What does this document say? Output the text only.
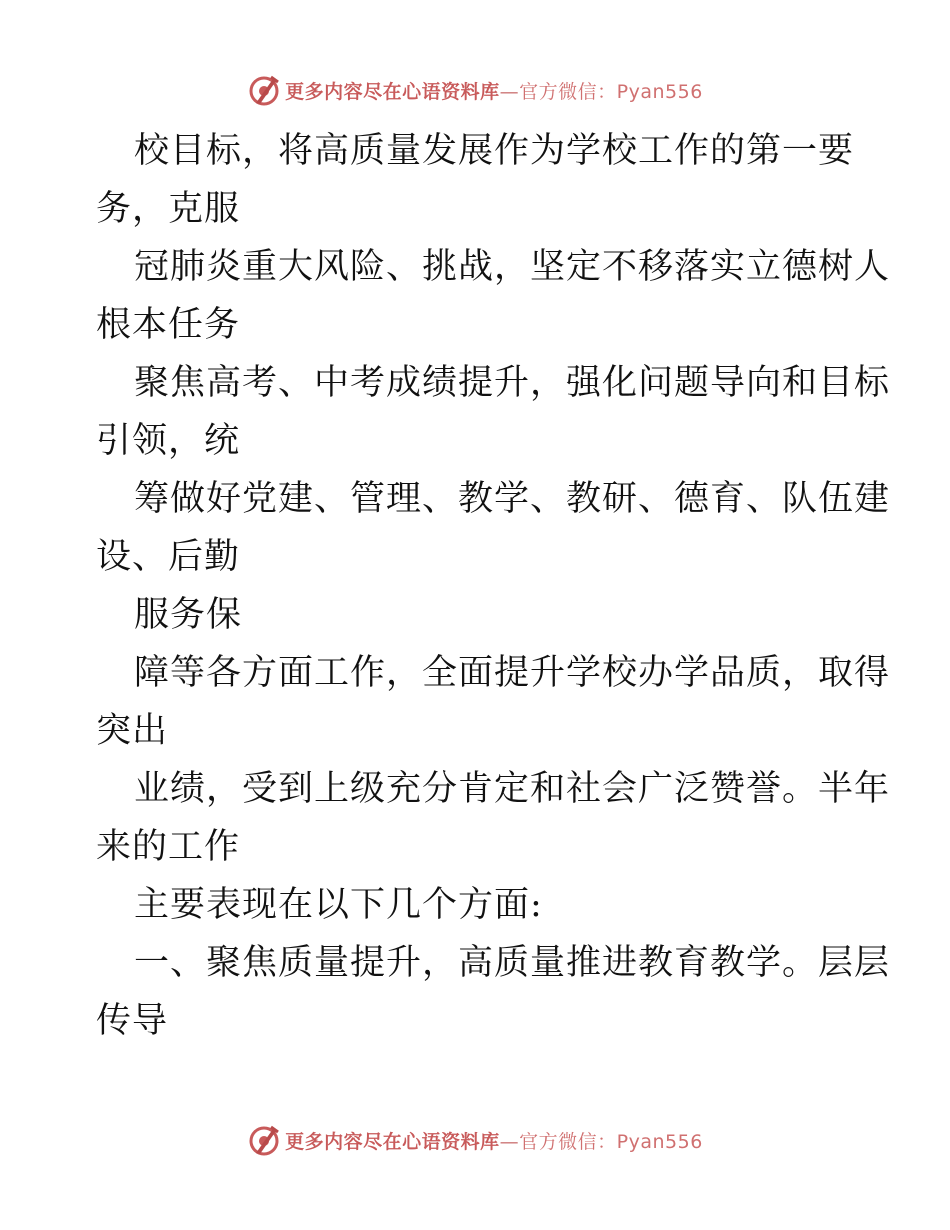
更多内容尽在心语资料库—官方微信：Pyan556
校目标，将高质量发展作为学校工作的第一要
务，克服
冠肺炎重大风险、挑战，坚定不移落实立德树人
根本任务
聚焦高考、中考成绩提升，强化问题导向和目标
引领，统
筹做好党建、管理、教学、教研、德育、队伍建
设、后勤
服务保
障等各方面工作，全面提升学校办学品质，取得
突出
业绩，受到上级充分肯定和社会广泛赞誉。半年
来的工作
主要表现在以下几个方面:
一、聚焦质量提升，高质量推进教育教学。层层
传导
更多内容尽在心语资料库—官方微信：Pyan556
